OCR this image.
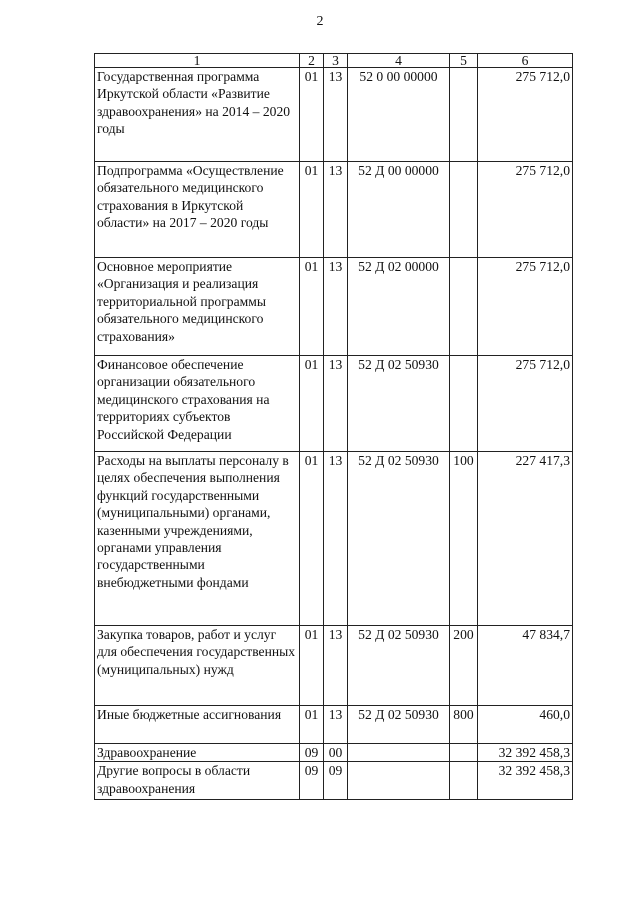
2
1	2	3	4	5	6
Государственная программа Иркутской области «Развитие здравоохранения» на 2014 – 2020 годы	01	13	52 0 00 00000		275 712,0
Подпрограмма «Осуществление обязательного медицинского страхования в Иркутской области» на 2017 – 2020 годы	01	13	52 Д 00 00000		275 712,0
Основное мероприятие «Организация и реализация территориальной программы обязательного медицинского страхования»	01	13	52 Д 02 00000		275 712,0
Финансовое обеспечение организации обязательного медицинского страхования на территориях субъектов Российской Федерации	01	13	52 Д 02 50930		275 712,0
Расходы на выплаты персоналу в целях обеспечения выполнения функций государственными (муниципальными) органами, казенными учреждениями, органами управления государственными внебюджетными фондами	01	13	52 Д 02 50930	100	227 417,3
Закупка товаров, работ и услуг для обеспечения государственных (муниципальных) нужд	01	13	52 Д 02 50930	200	47 834,7
Иные бюджетные ассигнования	01	13	52 Д 02 50930	800	460,0
Здравоохранение	09	00			32 392 458,3
Другие вопросы в области здравоохранения	09	09			32 392 458,3
